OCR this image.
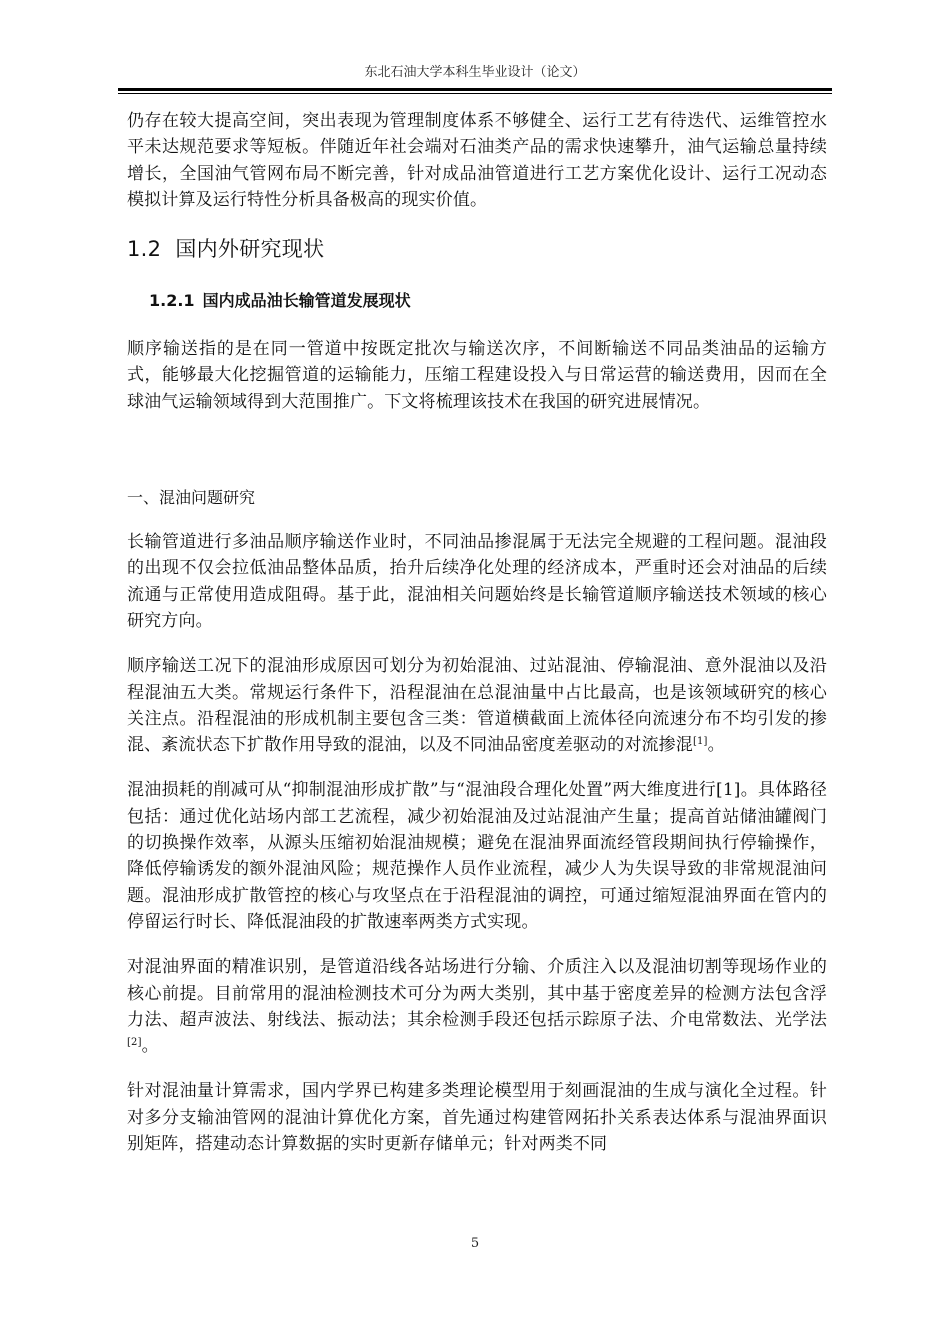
东北石油大学本科生毕业设计（论文）

仍存在较大提高空间，突出表现为管理制度体系不够健全、运行工艺有待迭代、运维管控水平未达规范要求等短板。伴随近年社会端对石油类产品的需求快速攀升，油气运输总量持续增长，全国油气管网布局不断完善，针对成品油管道进行工艺方案优化设计、运行工况动态模拟计算及运行特性分析具备极高的现实价值。

1.2 国内外研究现状
1.2.1 国内成品油长输管道发展现状

顺序输送指的是在同一管道中按既定批次与输送次序，不间断输送不同品类油品的运输方式，能够最大化挖掘管道的运输能力，压缩工程建设投入与日常运营的输送费用，因而在全球油气运输领域得到大范围推广。下文将梳理该技术在我国的研究进展情况。

一、混油问题研究

长输管道进行多油品顺序输送作业时，不同油品掺混属于无法完全规避的工程问题。混油段的出现不仅会拉低油品整体品质，抬升后续净化处理的经济成本，严重时还会对油品的后续流通与正常使用造成阻碍。基于此，混油相关问题始终是长输管道顺序输送技术领域的核心研究方向。

顺序输送工况下的混油形成原因可划分为初始混油、过站混油、停输混油、意外混油以及沿程混油五大类。常规运行条件下，沿程混油在总混油量中占比最高，也是该领域研究的核心关注点。沿程混油的形成机制主要包含三类：管道横截面上流体径向流速分布不均引发的掺混、紊流状态下扩散作用导致的混油，以及不同油品密度差驱动的对流掺混[1]。

混油损耗的削减可从“抑制混油形成扩散”与“混油段合理化处置”两大维度进行[1]。具体路径包括：通过优化站场内部工艺流程，减少初始混油及过站混油产生量；提高首站储油罐阀门的切换操作效率，从源头压缩初始混油规模；避免在混油界面流经管段期间执行停输操作，降低停输诱发的额外混油风险；规范操作人员作业流程，减少人为失误导致的非常规混油问题。混油形成扩散管控的核心与攻坚点在于沿程混油的调控，可通过缩短混油界面在管内的停留运行时长、降低混油段的扩散速率两类方式实现。

对混油界面的精准识别，是管道沿线各站场进行分输、介质注入以及混油切割等现场作业的核心前提。目前常用的混油检测技术可分为两大类别，其中基于密度差异的检测方法包含浮力法、超声波法、射线法、振动法；其余检测手段还包括示踪原子法、介电常数法、光学法[2]。

针对混油量计算需求，国内学界已构建多类理论模型用于刻画混油的生成与演化全过程。针对多分支输油管网的混油计算优化方案，首先通过构建管网拓扑关系表达体系与混油界面识别矩阵，搭建动态计算数据的实时更新存储单元；针对两类不同

5
